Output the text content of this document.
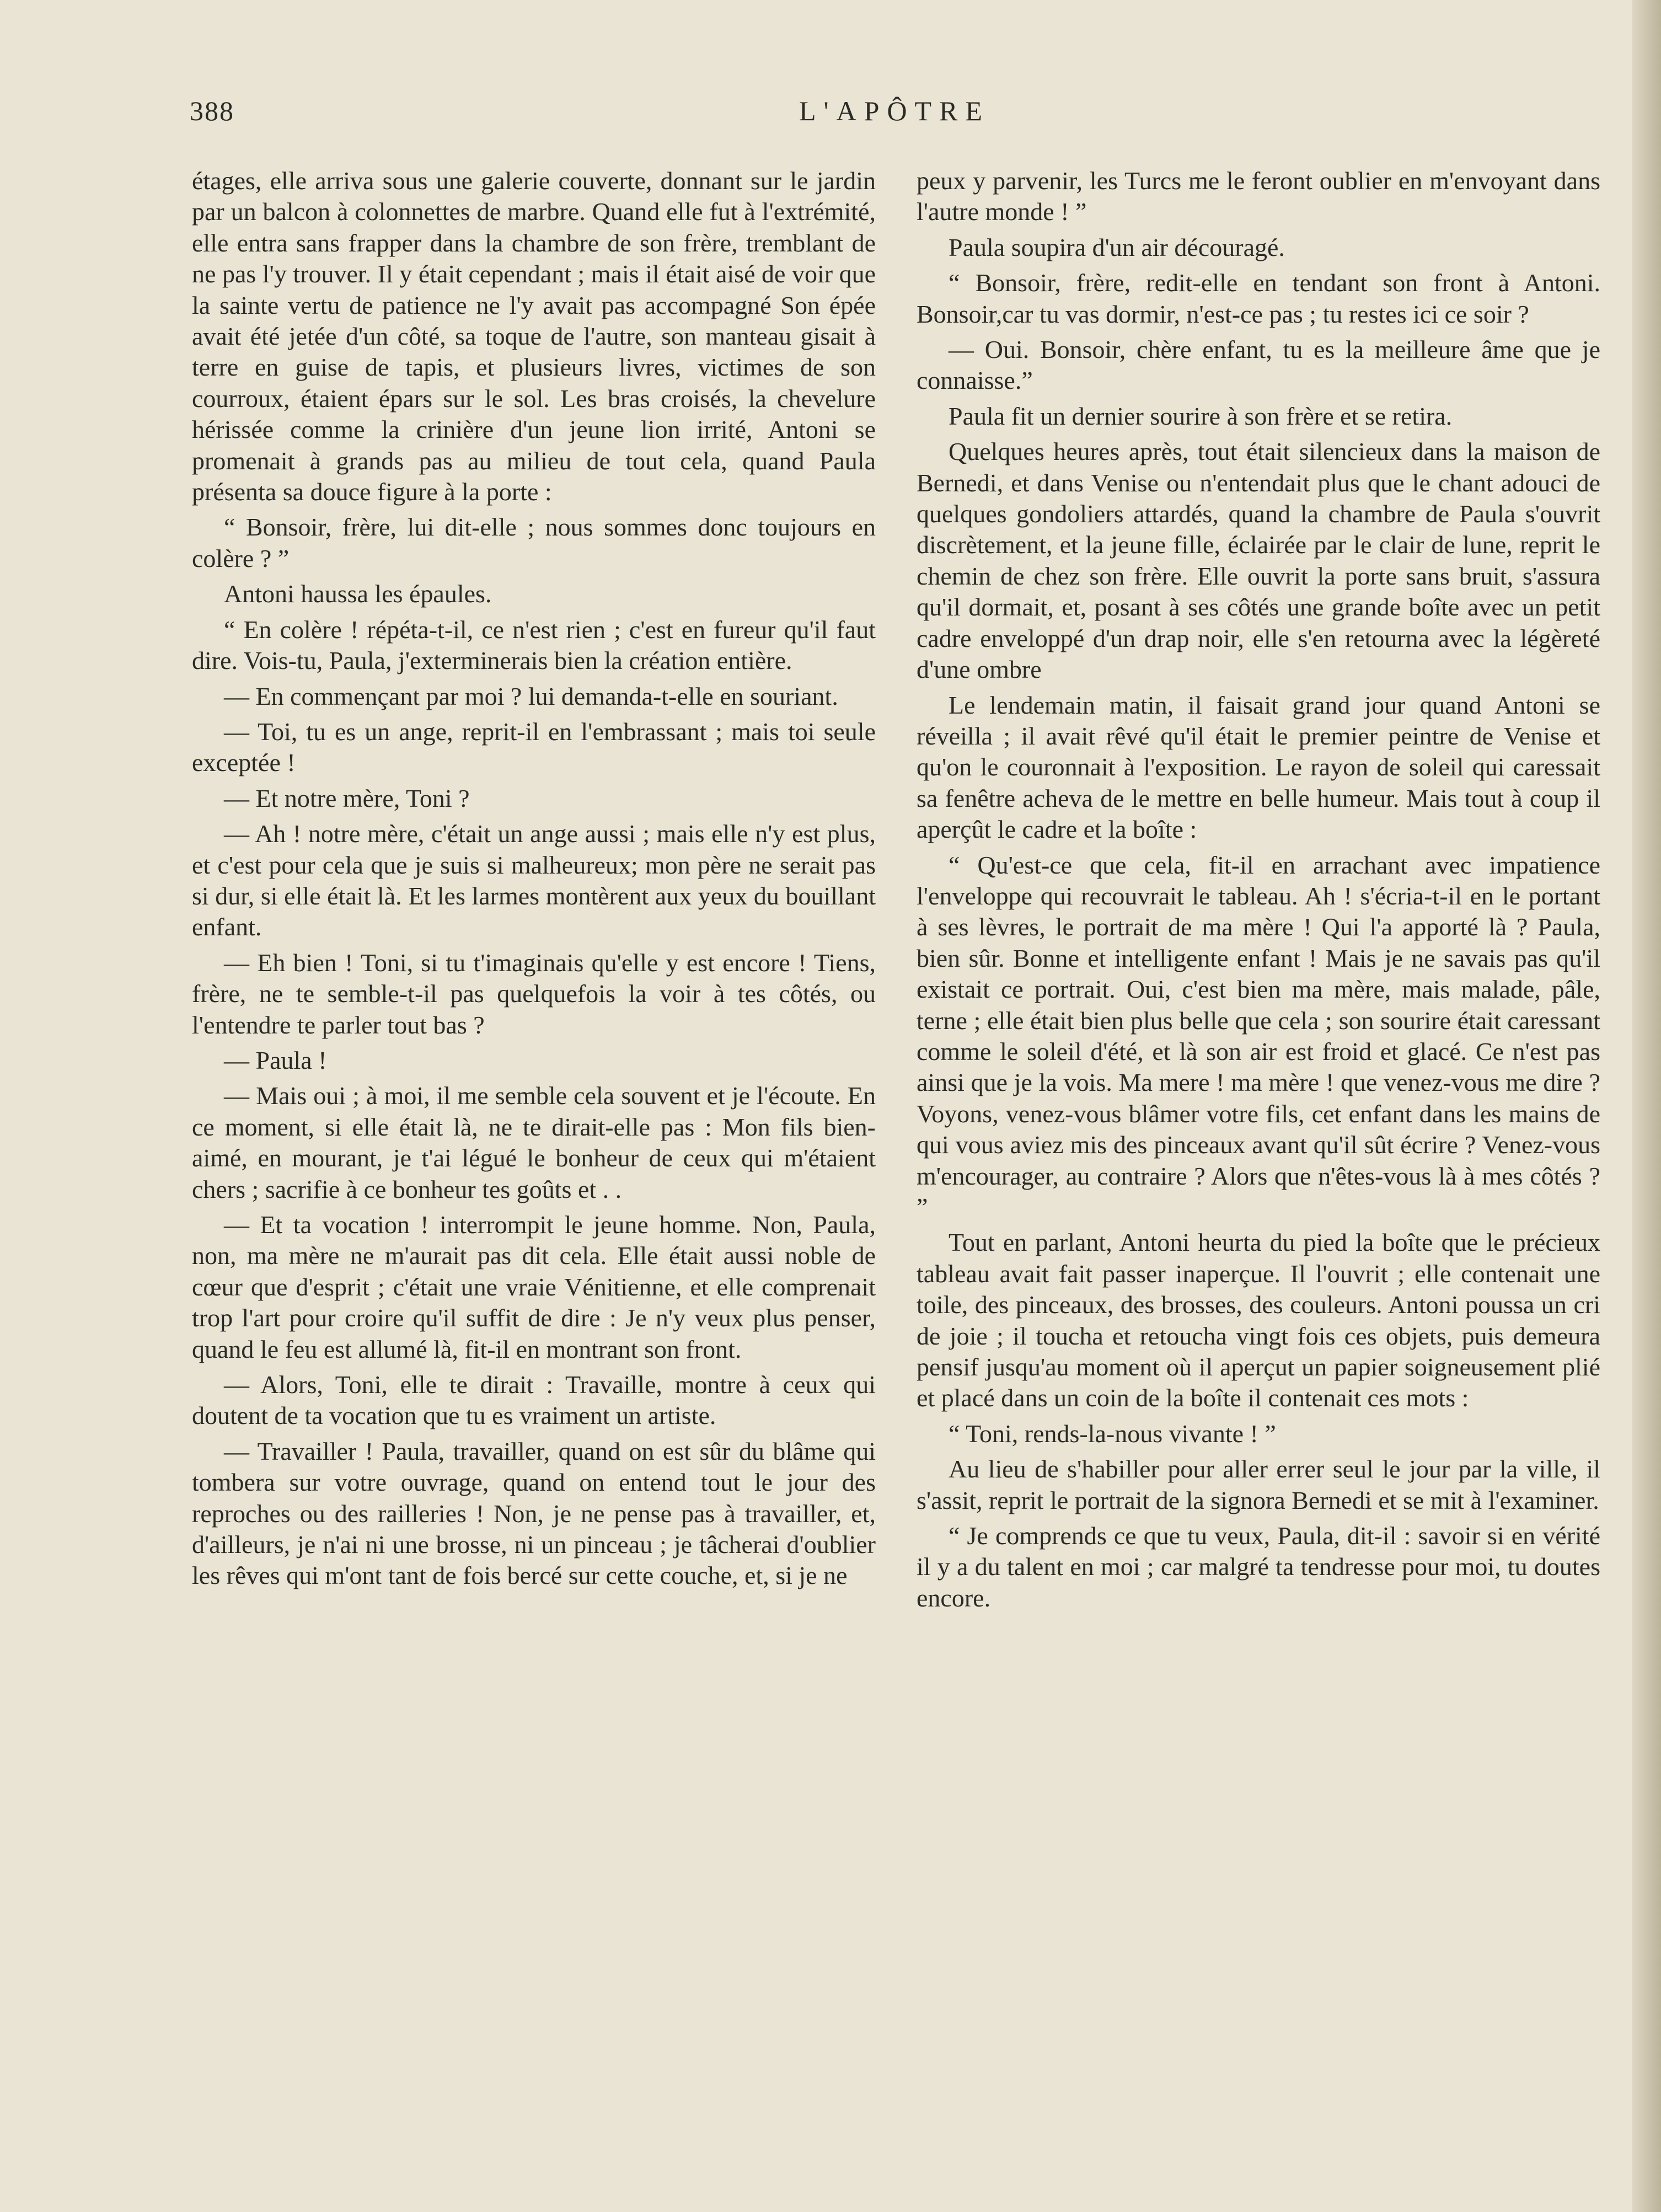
388	L'APÔTRE

étages, elle arriva sous une galerie couverte, donnant sur le jardin par un balcon à colonnettes de marbre. Quand elle fut à l'extrémité, elle entra sans frapper dans la chambre de son frère, tremblant de ne pas l'y trouver. Il y était cependant ; mais il était aisé de voir que la sainte vertu de patience ne l'y avait pas accompagné Son épée avait été jetée d'un côté, sa toque de l'autre, son manteau gisait à terre en guise de tapis, et plusieurs livres, victimes de son courroux, étaient épars sur le sol. Les bras croisés, la chevelure hérissée comme la crinière d'un jeune lion irrité, Antoni se promenait à grands pas au milieu de tout cela, quand Paula présenta sa douce figure à la porte :

“ Bonsoir, frère, lui dit-elle ; nous sommes donc toujours en colère ? ”

Antoni haussa les épaules.

“ En colère ! répéta-t-il, ce n'est rien ; c'est en fureur qu'il faut dire. Vois-tu, Paula, j'exterminerais bien la création entière.

— En commençant par moi ? lui demanda-t-elle en souriant.

— Toi, tu es un ange, reprit-il en l'embrassant ; mais toi seule exceptée !

— Et notre mère, Toni ?

— Ah ! notre mère, c'était un ange aussi ; mais elle n'y est plus, et c'est pour cela que je suis si malheureux; mon père ne serait pas si dur, si elle était là. Et les larmes montèrent aux yeux du bouillant enfant.

— Eh bien ! Toni, si tu t'imaginais qu'elle y est encore ! Tiens, frère, ne te semble-t-il pas quelquefois la voir à tes côtés, ou l'entendre te parler tout bas ?

— Paula !

— Mais oui ; à moi, il me semble cela souvent et je l'écoute. En ce moment, si elle était là, ne te dirait-elle pas : Mon fils bien-aimé, en mourant, je t'ai légué le bonheur de ceux qui m'étaient chers ; sacrifie à ce bonheur tes goûts et . .

— Et ta vocation ! interrompit le jeune homme. Non, Paula, non, ma mère ne m'aurait pas dit cela. Elle était aussi noble de cœur que d'esprit ; c'était une vraie Vénitienne, et elle comprenait trop l'art pour croire qu'il suffit de dire : Je n'y veux plus penser, quand le feu est allumé là, fit-il en montrant son front.

— Alors, Toni, elle te dirait : Travaille, montre à ceux qui doutent de ta vocation que tu es vraiment un artiste.

— Travailler ! Paula, travailler, quand on est sûr du blâme qui tombera sur votre ouvrage, quand on entend tout le jour des reproches ou des railleries ! Non, je ne pense pas à travailler, et, d'ailleurs, je n'ai ni une brosse, ni un pinceau ; je tâcherai d'oublier les rêves qui m'ont tant de fois bercé sur cette couche, et, si je ne

peux y parvenir, les Turcs me le feront oublier en m'envoyant dans l'autre monde ! ”

Paula soupira d'un air découragé.

“ Bonsoir, frère, redit-elle en tendant son front à Antoni. Bonsoir,car tu vas dormir, n'est-ce pas ; tu restes ici ce soir ?

— Oui. Bonsoir, chère enfant, tu es la meilleure âme que je connaisse.”

Paula fit un dernier sourire à son frère et se retira.

Quelques heures après, tout était silencieux dans la maison de Bernedi, et dans Venise ou n'entendait plus que le chant adouci de quelques gondoliers attardés, quand la chambre de Paula s'ouvrit discrètement, et la jeune fille, éclairée par le clair de lune, reprit le chemin de chez son frère. Elle ouvrit la porte sans bruit, s'assura qu'il dormait, et, posant à ses côtés une grande boîte avec un petit cadre enveloppé d'un drap noir, elle s'en retourna avec la légèreté d'une ombre

Le lendemain matin, il faisait grand jour quand Antoni se réveilla ; il avait rêvé qu'il était le premier peintre de Venise et qu'on le couronnait à l'exposition. Le rayon de soleil qui caressait sa fenêtre acheva de le mettre en belle humeur. Mais tout à coup il aperçût le cadre et la boîte :

“ Qu'est-ce que cela, fit-il en arrachant avec impatience l'enveloppe qui recouvrait le tableau. Ah ! s'écria-t-il en le portant à ses lèvres, le portrait de ma mère ! Qui l'a apporté là ? Paula, bien sûr. Bonne et intelligente enfant ! Mais je ne savais pas qu'il existait ce portrait. Oui, c'est bien ma mère, mais malade, pâle, terne ; elle était bien plus belle que cela ; son sourire était caressant comme le soleil d'été, et là son air est froid et glacé. Ce n'est pas ainsi que je la vois. Ma mere ! ma mère ! que venez-vous me dire ? Voyons, venez-vous blâmer votre fils, cet enfant dans les mains de qui vous aviez mis des pinceaux avant qu'il sût écrire ? Venez-vous m'encourager, au contraire ? Alors que n'êtes-vous là à mes côtés ? ”

Tout en parlant, Antoni heurta du pied la boîte que le précieux tableau avait fait passer inaperçue. Il l'ouvrit ; elle contenait une toile, des pinceaux, des brosses, des couleurs. Antoni poussa un cri de joie ; il toucha et retoucha vingt fois ces objets, puis demeura pensif jusqu'au moment où il aperçut un papier soigneusement plié et placé dans un coin de la boîte il contenait ces mots :

“ Toni, rends-la-nous vivante ! ”

Au lieu de s'habiller pour aller errer seul le jour par la ville, il s'assit, reprit le portrait de la signora Bernedi et se mit à l'examiner.

“ Je comprends ce que tu veux, Paula, dit-il : savoir si en vérité il y a du talent en moi ; car malgré ta tendresse pour moi, tu doutes encore.
